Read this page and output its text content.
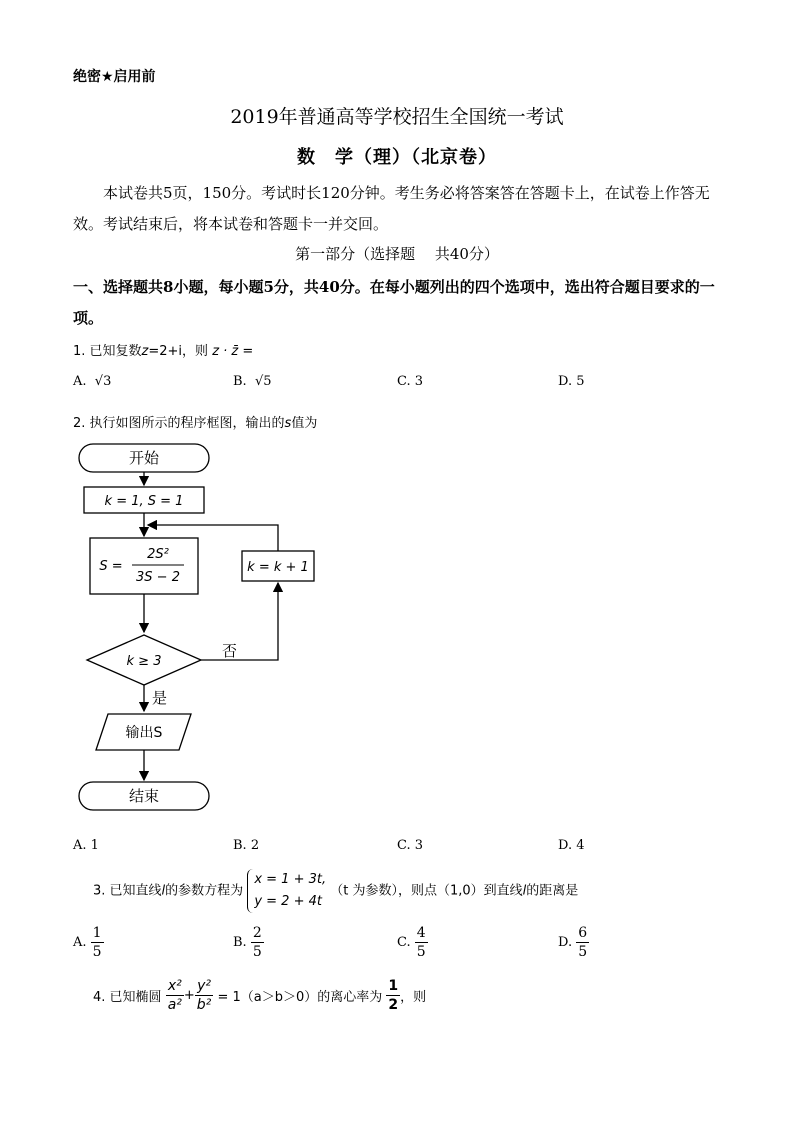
绝密★启用前
2019年普通高等学校招生全国统一考试
数　学（理）（北京卷）
本试卷共5页，150分。考试时长120分钟。考生务必将答案答在答题卡上，在试卷上作答无效。考试结束后，将本试卷和答题卡一并交回。
第一部分（选择题　 共40分）
一、选择题共8小题，每小题5分，共40分。在每小题列出的四个选项中，选出符合题目要求的一项。
1. 已知复数z=2+i，则 z · z̄ =
A. √3	B. √5	C. 3	D. 5
2. 执行如图所示的程序框图，输出的s值为
开始
k = 1, S = 1
S =
2S²
3S − 2
k = k + 1
k ≥ 3
否
是
输出S
结束
A. 1	B. 2	C. 3	D. 4
3. 已知直线l的参数方程为
x = 1 + 3t,
y = 2 + 4t
（t 为参数），则点（1,0）到直线l的距离是
A. $\frac{1}{5}$	B. $\frac{2}{5}$	C. $\frac{4}{5}$	D. $\frac{6}{5}$
4. 已知椭圆 $\frac{\text{x²}}{\text{a²}} + \frac{\text{y²}}{\text{b²}} = 1(a>b>0)$的离心率为 $\frac{1}{2}$ ，则
